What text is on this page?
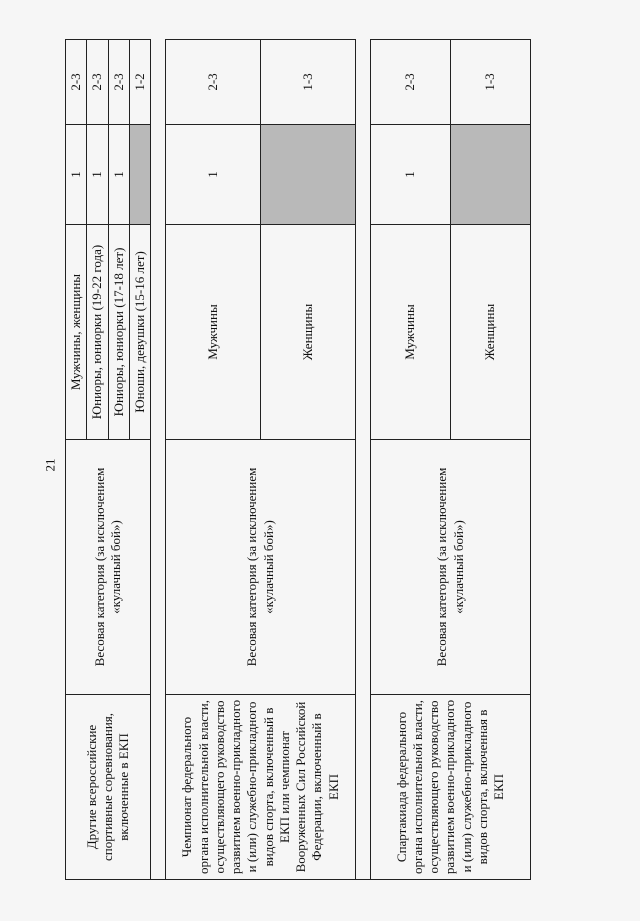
21
Другие всероссийские спортивные соревнования, включенные в ЕКП	Весовая категория (за исключением «кулачный бой»)	Мужчины, женщины	1	2-3
		Юниоры, юниорки (19-22 года)	1	2-3
		Юниоры, юниорки (17-18 лет)	1	2-3
		Юноши, девушки (15-16 лет)		1-2

Чемпионат федерального органа исполнительной власти, осуществляющего руководство развитием военно-прикладного и (или) служебно-прикладного видов спорта, включенный в ЕКП или чемпионат Вооруженных Сил Российской Федерации, включенный в ЕКП	Весовая категория (за исключением «кулачный бой»)	Мужчины	1	2-3
		Женщины		1-3

Спартакиада федерального органа исполнительной власти, осуществляющего руководство развитием военно-прикладного и (или) служебно-прикладного видов спорта, включенная в ЕКП	Весовая категория (за исключением «кулачный бой»)	Мужчины	1	2-3
		Женщины		1-3
